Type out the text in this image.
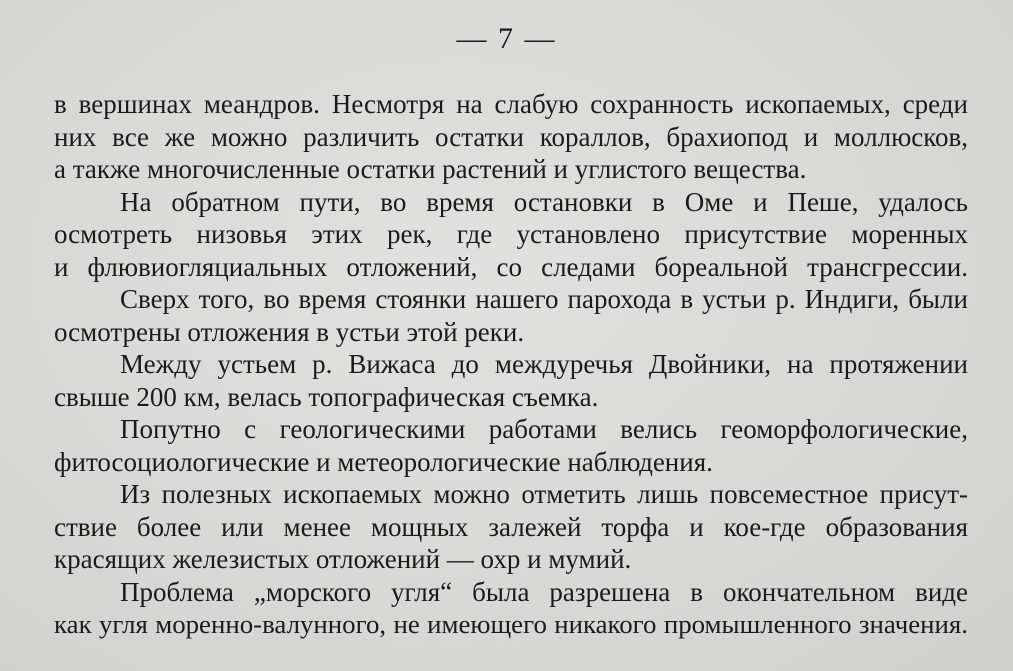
— 7 —
в вершинах меандров. Несмотря на слабую сохранность ископаемых, среди
них все же можно различить остатки кораллов, брахиопод и моллюсков,
а также многочисленные остатки растений и углистого вещества.
На обратном пути, во время остановки в Оме и Пеше, удалось
осмотреть низовья этих рек, где установлено присутствие моренных
и флювиогляциальных отложений, со следами бореальной трансгрессии.
Сверх того, во время стоянки нашего парохода в устьи р. Индиги, были
осмотрены отложения в устьи этой реки.
Между устьем р. Вижаса до междуречья Двойники, на протяжении
свыше 200 км, велась топографическая съемка.
Попутно с геологическими работами велись геоморфологические,
фитосоциологические и метеорологические наблюдения.
Из полезных ископаемых можно отметить лишь повсеместное присут-
ствие более или менее мощных залежей торфа и кое-где образования
красящих железистых отложений — охр и мумий.
Проблема „морского угля“ была разрешена в окончательном виде
как угля моренно-валунного, не имеющего никакого промышленного значения.
